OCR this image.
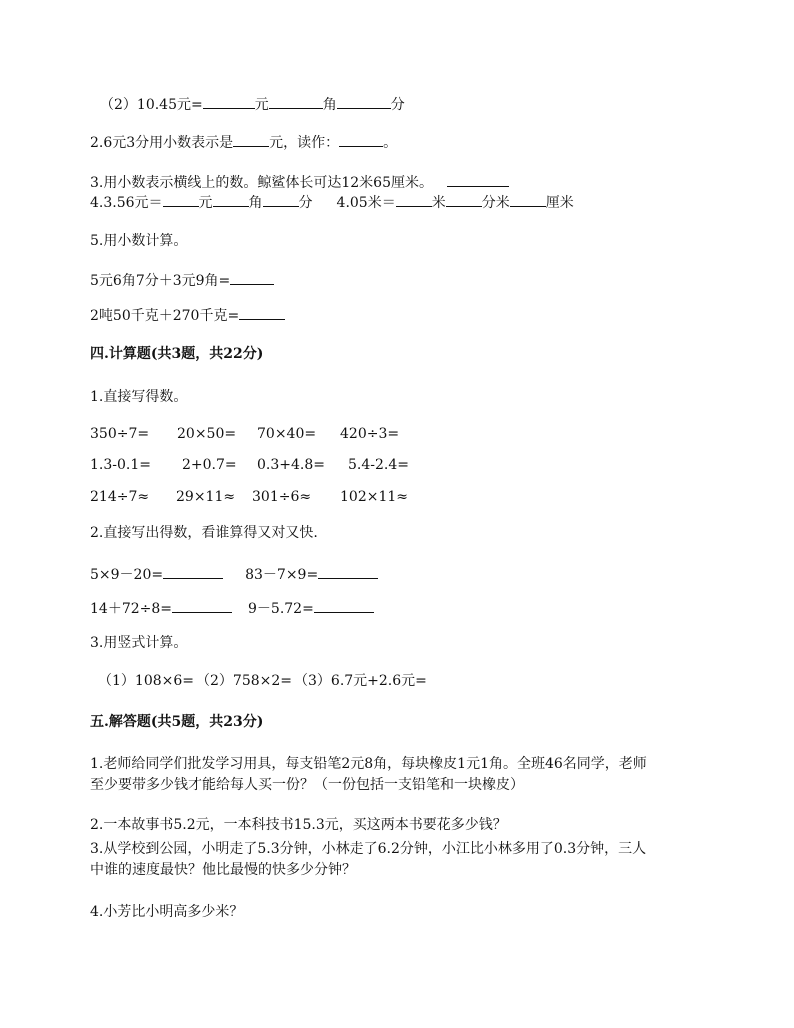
（2）10.45元=	元	角	分
2.6元3分用小数表示是	元，读作：	。
3.用小数表示横线上的数。鲸鲨体长可达12米65厘米。
4.3.56元＝	元	角	分 4.05米＝	米	分米	厘米
5.用小数计算。
5元6角7分＋3元9角=
2吨50千克＋270千克=
四.计算题(共3题，共22分)
1.直接写得数。
350÷7= 20×50= 70×40= 420÷3=
1.3-0.1= 2+0.7= 0.3+4.8= 5.4-2.4=
214÷7≈ 29×11≈ 301÷6≈ 102×11≈
2.直接写出得数，看谁算得又对又快.
5×9－20=	83－7×9=
14＋72÷8=	9－5.72=
3.用竖式计算。
（1）108×6= （2）758×2= （3）6.7元+2.6元=
五.解答题(共5题，共23分)
1.老师给同学们批发学习用具，每支铅笔2元8角，每块橡皮1元1角。全班46名同学，老师
至少要带多少钱才能给每人买一份？（一份包括一支铅笔和一块橡皮）
2.一本故事书5.2元，一本科技书15.3元，买这两本书要花多少钱？
3.从学校到公园，小明走了5.3分钟，小林走了6.2分钟，小江比小林多用了0.3分钟，三人
中谁的速度最快？他比最慢的快多少分钟？
4.小芳比小明高多少米？
